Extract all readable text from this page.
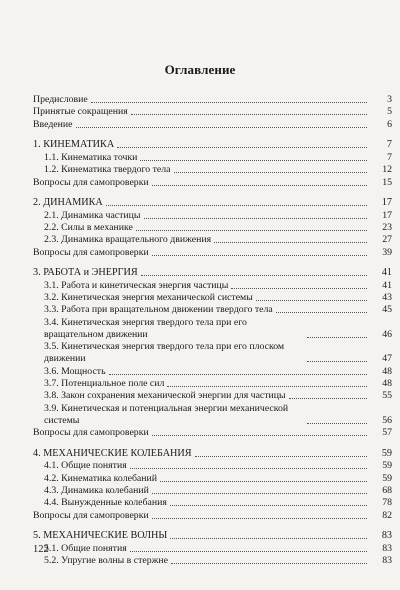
Оглавление
Предисловие	3
Принятые сокращения	5
Введение	6
1. КИНЕМАТИКА	7
1.1. Кинематика точки	7
1.2. Кинематика твердого тела	12
Вопросы для самопроверки	15
2. ДИНАМИКА	17
2.1. Динамика частицы	17
2.2. Силы в механике	23
2.3. Динамика вращательного движения	27
Вопросы для самопроверки	39
3. РАБОТА и ЭНЕРГИЯ	41
3.1. Работа и кинетическая энергия частицы	41
3.2. Кинетическая энергия механической системы	43
3.3. Работа при вращательном движении твердого тела	45
3.4. Кинетическая энергия твердого тела при его вращательном движении	46
3.5. Кинетическая энергия твердого тела при его плоском движении	47
3.6. Мощность	48
3.7. Потенциальное поле сил	48
3.8. Закон сохранения механической энергии для частицы	55
3.9. Кинетическая и потенциальная энергии механической системы	56
Вопросы для самопроверки	57
4. МЕХАНИЧЕСКИЕ КОЛЕБАНИЯ	59
4.1. Общие понятия	59
4.2. Кинематика колебаний	59
4.3. Динамика колебаний	68
4.4. Вынужденные колебания	78
Вопросы для самопроверки	82
5. МЕХАНИЧЕСКИЕ ВОЛНЫ	83
5.1. Общие понятия	83
5.2. Упругие волны в стержне	83
122
